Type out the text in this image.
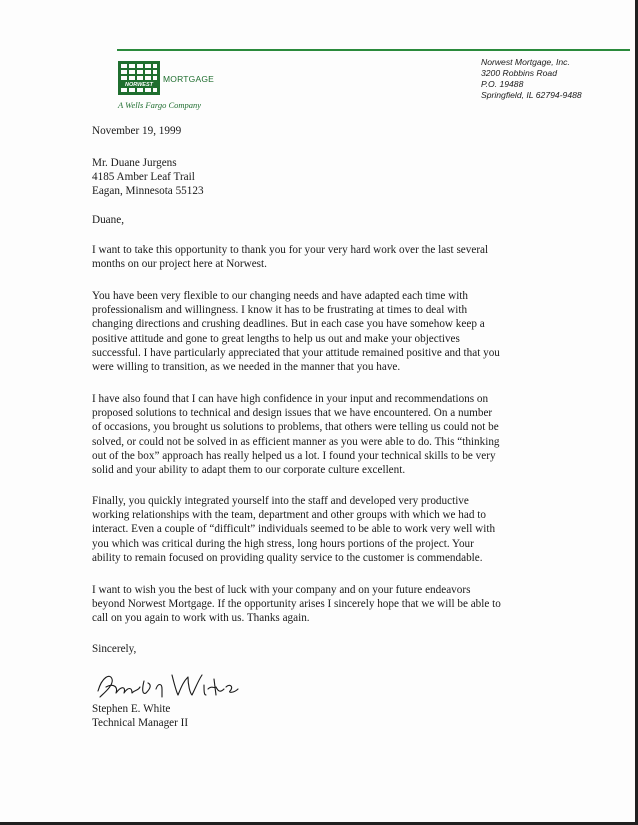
NORWEST
MORTGAGE
A Wells Fargo Company
Norwest Mortgage, Inc.
3200 Robbins Road
P.O. 19488
Springfield, IL 62794-9488
November 19, 1999
Mr. Duane Jurgens
4185 Amber Leaf Trail
Eagan, Minnesota 55123
Duane,
I want to take this opportunity to thank you for your very hard work over the last several
months on our project here at Norwest.
You have been very flexible to our changing needs and have adapted each time with
professionalism and willingness. I know it has to be frustrating at times to deal with
changing directions and crushing deadlines. But in each case you have somehow keep a
positive attitude and gone to great lengths to help us out and make your objectives
successful. I have particularly appreciated that your attitude remained positive and that you
were willing to transition, as we needed in the manner that you have.
I have also found that I can have high confidence in your input and recommendations on
proposed solutions to technical and design issues that we have encountered. On a number
of occasions, you brought us solutions to problems, that others were telling us could not be
solved, or could not be solved in as efficient manner as you were able to do. This “thinking
out of the box” approach has really helped us a lot. I found your technical skills to be very
solid and your ability to adapt them to our corporate culture excellent.
Finally, you quickly integrated yourself into the staff and developed very productive
working relationships with the team, department and other groups with which we had to
interact. Even a couple of “difficult” individuals seemed to be able to work very well with
you which was critical during the high stress, long hours portions of the project. Your
ability to remain focused on providing quality service to the customer is commendable.
I want to wish you the best of luck with your company and on your future endeavors
beyond Norwest Mortgage. If the opportunity arises I sincerely hope that we will be able to
call on you again to work with us. Thanks again.
Sincerely,
Stephen E. White
Technical Manager II
